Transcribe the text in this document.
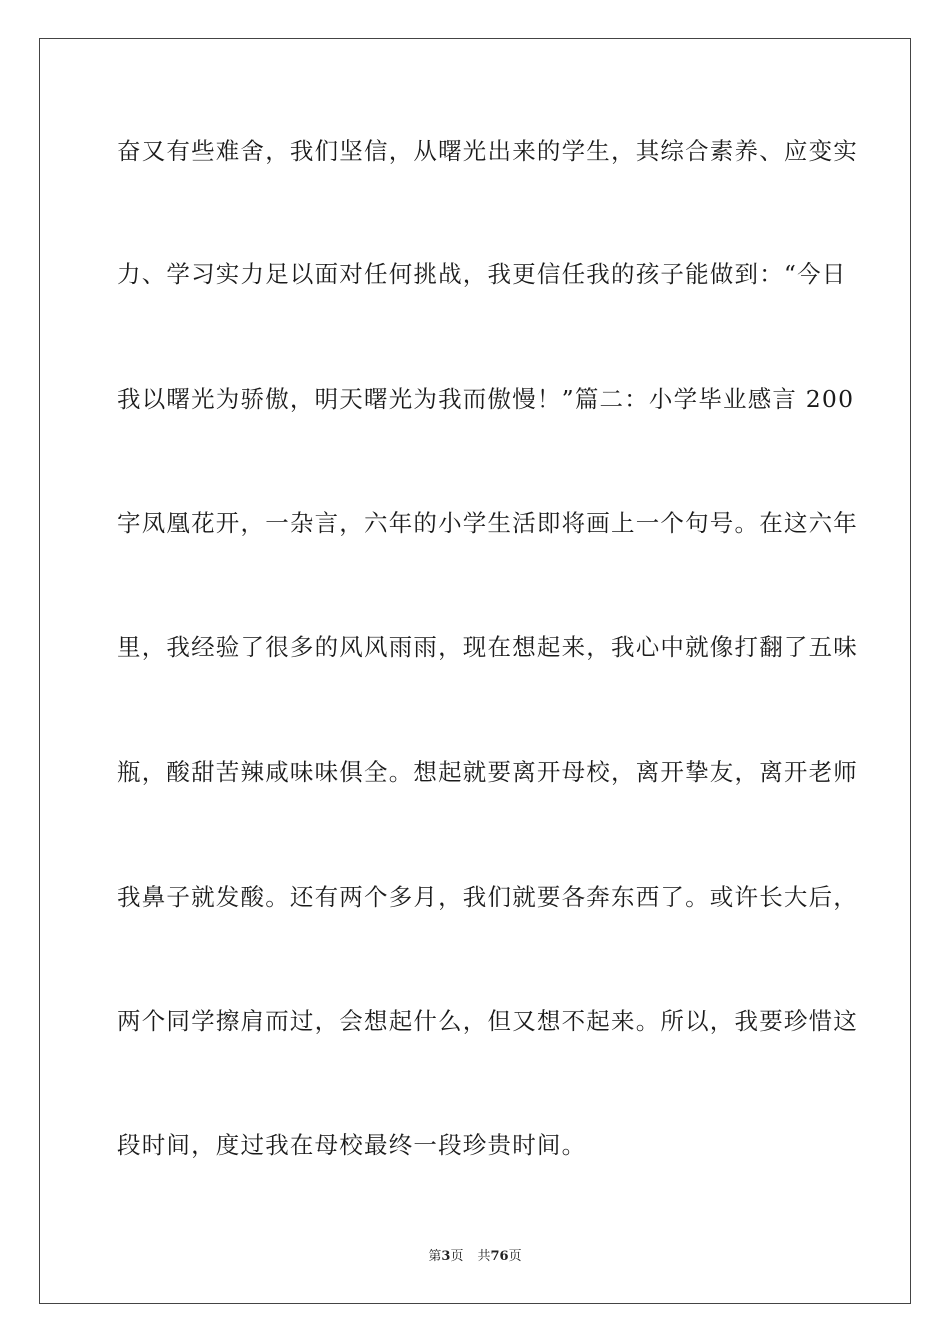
奋又有些难舍，我们坚信，从曙光出来的学生，其综合素养、应变实
力、学习实力足以面对任何挑战，我更信任我的孩子能做到：“今日
我以曙光为骄傲，明天曙光为我而傲慢！”篇二：小学毕业感言 200
字凤凰花开，一杂言，六年的小学生活即将画上一个句号。在这六年
里，我经验了很多的风风雨雨，现在想起来，我心中就像打翻了五味
瓶，酸甜苦辣咸味味俱全。想起就要离开母校，离开挚友，离开老师
我鼻子就发酸。还有两个多月，我们就要各奔东西了。或许长大后，
两个同学擦肩而过，会想起什么，但又想不起来。所以，我要珍惜这
段时间，度过我在母校最终一段珍贵时间。
第3页 共76页
